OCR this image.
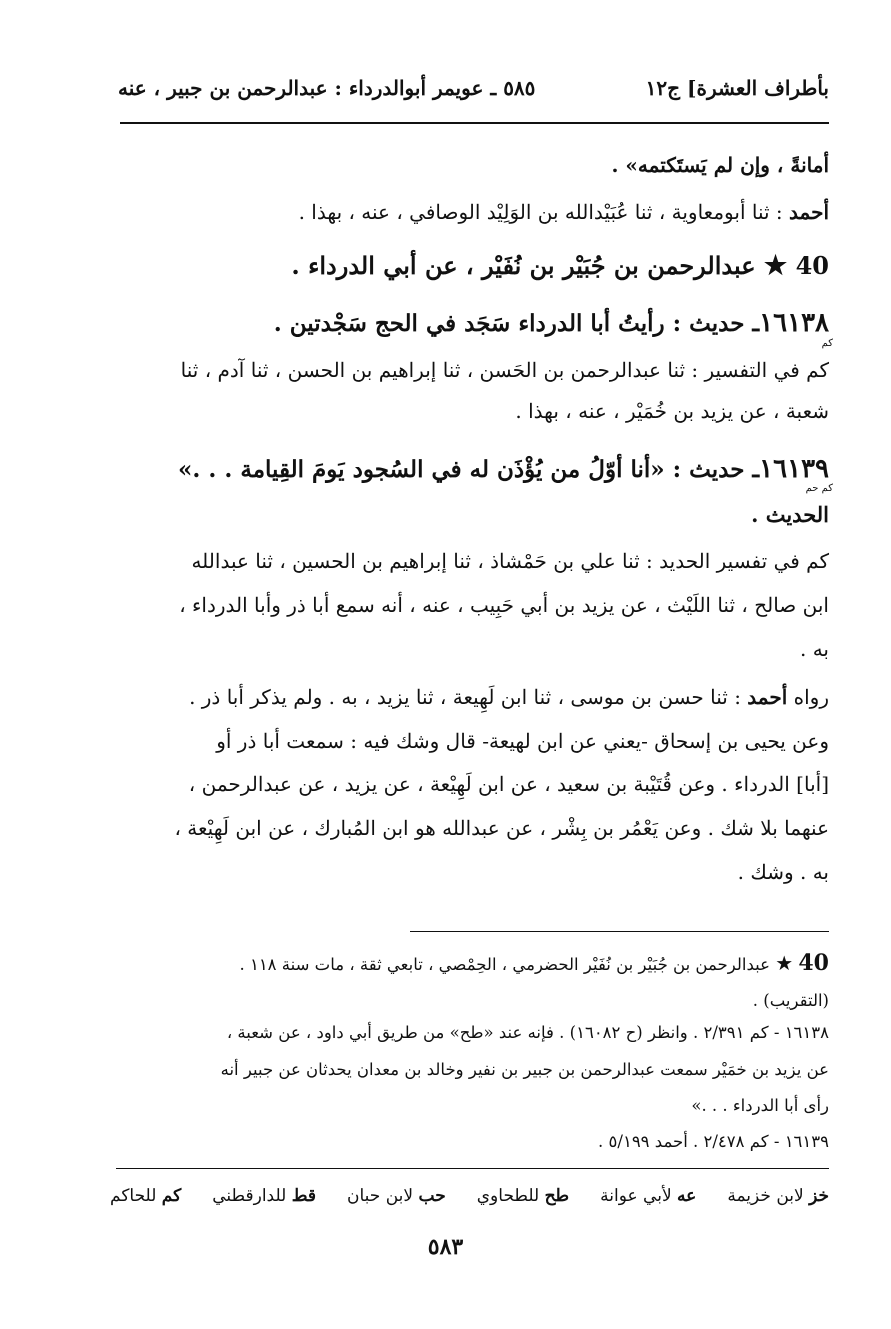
بأطراف العشرة] ج١٢
٥٨٥ ـ عويمر أبوالدرداء : عبدالرحمن بن جبير ، عنه
أمانةً ، وإن لم يَستَكتمه» .
أحمد : ثنا أبومعاوية ، ثنا عُبَيْدالله بن الوَلِيْد الوصافي ، عنه ، بهذا .
40 ★ عبدالرحمن بن جُبَيْر بن نُفَيْر ، عن أبي الدرداء .
١٦١٣٨ـ حديث : رأيتُ أبا الدرداء سَجَد في الحج سَجْدتين .
كم
كم في التفسير : ثنا عبدالرحمن بن الحَسن ، ثنا إبراهيم بن الحسن ، ثنا آدم ، ثنا
شعبة ، عن يزيد بن خُمَيْر ، عنه ، بهذا .
١٦١٣٩ـ حديث : «أنا أوّلُ من يُؤْذَن له في السُجود يَومَ القِيامة . . .»
كم حم
الحديث .
كم في تفسير الحديد : ثنا علي بن حَمْشاذ ، ثنا إبراهيم بن الحسين ، ثنا عبدالله
ابن صالح ، ثنا اللَيْث ، عن يزيد بن أبي حَبِيب ، عنه ، أنه سمع أبا ذر وأبا الدرداء ،
به .
رواه أحمد : ثنا حسن بن موسى ، ثنا ابن لَهِيعة ، ثنا يزيد ، به . ولم يذكر أبا ذر .
وعن يحيى بن إسحاق -يعني عن ابن لهيعة- قال وشك فيه : سمعت أبا ذر أو
[أبا] الدرداء . وعن قُتَيْبة بن سعيد ، عن ابن لَهِيْعة ، عن يزيد ، عن عبدالرحمن ،
عنهما بلا شك . وعن يَعْمُر بن بِشْر ، عن عبدالله هو ابن المُبارك ، عن ابن لَهِيْعة ،
به . وشك .
40 ★ عبدالرحمن بن جُبَيْر بن نُفَيْر الحضرمي ، الحِمْصي ، تابعي ثقة ، مات سنة ١١٨ .
(التقريب) .
١٦١٣٨ - كم ٢/٣٩١ . وانظر (ح ١٦٠٨٢) . فإنه عند «طح» من طريق أبي داود ، عن شعبة ،
عن يزيد بن خمَيْر سمعت عبدالرحمن بن جبير بن نفير وخالد بن معدان يحدثان عن جبير أنه
رأى أبا الدرداء . . .»
١٦١٣٩ - كم ٢/٤٧٨ . أحمد ٥/١٩٩ .
خز لابن خزيمة
عه لأبي عوانة
طح للطحاوي
حب لابن حبان
قط للدارقطني
كم للحاكم
٥٨٣
